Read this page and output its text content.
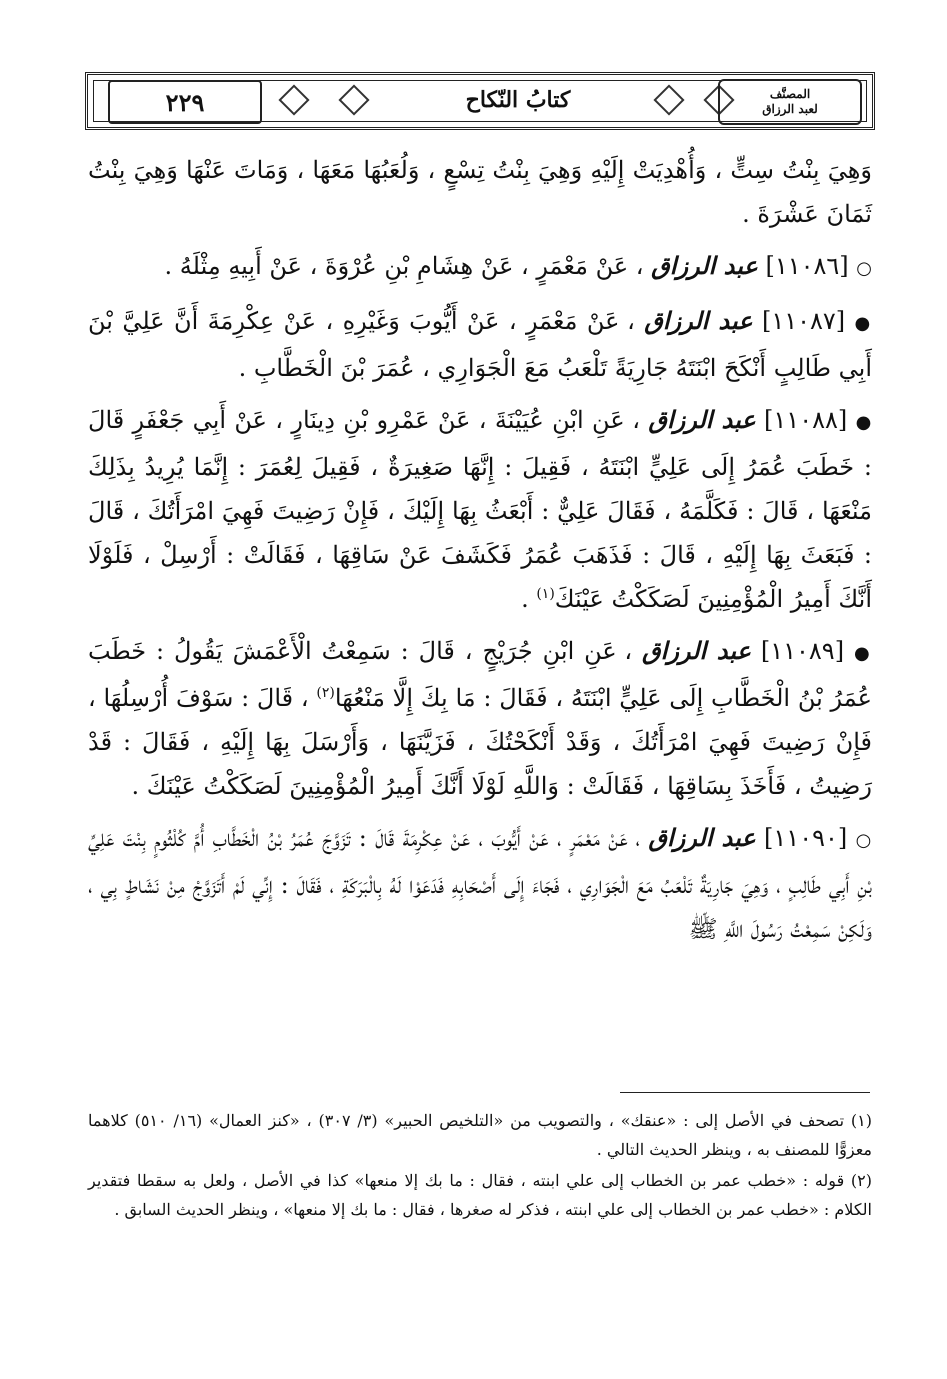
٢٢٩	كتابُ النّكاح	المصنَّف
لعبد الرزاق

وَهِيَ بِنْتُ سِتٍّ ، وَأُهْدِيَتْ إِلَيْهِ وَهِيَ بِنْتُ تِسْعٍ ، وَلُعَبُهَا مَعَهَا ، وَمَاتَ عَنْهَا وَهِيَ بِنْتُ ثَمَانَ عَشْرَةَ .

○ [١١٠٨٦] عبد الرزاق ، عَنْ مَعْمَرٍ ، عَنْ هِشَامِ بْنِ عُرْوَةَ ، عَنْ أَبِيهِ مِثْلَهُ .

● [١١٠٨٧] عبد الرزاق ، عَنْ مَعْمَرٍ ، عَنْ أَيُّوبَ وَغَيْرِهِ ، عَنْ عِكْرِمَةَ أَنَّ عَلِيَّ بْنَ أَبِي طَالِبٍ أَنْكَحَ ابْنَتَهُ جَارِيَةً تَلْعَبُ مَعَ الْجَوَارِي ، عُمَرَ بْنَ الْخَطَّابِ .

● [١١٠٨٨] عبد الرزاق ، عَنِ ابْنِ عُيَيْنَةَ ، عَنْ عَمْرِو بْنِ دِينَارٍ ، عَنْ أَبِي جَعْفَرٍ قَالَ : خَطَبَ عُمَرُ إِلَى عَلِيٍّ ابْنَتَهُ ، فَقِيلَ : إِنَّهَا صَغِيرَةٌ ، فَقِيلَ لِعُمَرَ : إِنَّمَا يُرِيدُ بِذَلِكَ مَنْعَهَا ، قَالَ : فَكَلَّمَهُ ، فَقَالَ عَلِيٌّ : أَبْعَثُ بِهَا إِلَيْكَ ، فَإِنْ رَضِيتَ فَهِيَ امْرَأَتُكَ ، قَالَ : فَبَعَثَ بِهَا إِلَيْهِ ، قَالَ : فَذَهَبَ عُمَرُ فَكَشَفَ عَنْ سَاقِهَا ، فَقَالَتْ : أَرْسِلْ ، فَلَوْلَا أَنَّكَ أَمِيرُ الْمُؤْمِنِينَ لَصَكَكْتُ عَيْنَكَ$^{(١)}$ .

● [١١٠٨٩] عبد الرزاق ، عَنِ ابْنِ جُرَيْجٍ ، قَالَ : سَمِعْتُ الْأَعْمَشَ يَقُولُ : خَطَبَ عُمَرُ بْنُ الْخَطَّابِ إِلَى عَلِيٍّ ابْنَتَهُ ، فَقَالَ : مَا بِكَ إِلَّا مَنْعُهَا$^{(٢)}$ ، قَالَ : سَوْفَ أُرْسِلُهَا ، فَإِنْ رَضِيتَ فَهِيَ امْرَأَتُكَ ، وَقَدْ أَنْكَحْتُكَ ، فَزَيَّنَهَا ، وَأَرْسَلَ بِهَا إِلَيْهِ ، فَقَالَ : قَدْ رَضِيتُ ، فَأَخَذَ بِسَاقِهَا ، فَقَالَتْ : وَاللَّهِ لَوْلَا أَنَّكَ أَمِيرُ الْمُؤْمِنِينَ لَصَكَكْتُ عَيْنَكَ .

○ [١١٠٩٠] عبد الرزاق ، عَنْ مَعْمَرٍ ، عَنْ أَيُّوبَ ، عَنْ عِكْرِمَةَ قَالَ : تَزَوَّجَ عُمَرُ بْنُ الْخَطَّابِ أُمَّ كُلْثُومٍ بِنْتَ عَلِيِّ بْنِ أَبِي طَالِبٍ ، وَهِيَ جَارِيَةٌ تَلْعَبُ مَعَ الْجَوَارِي ، فَجَاءَ إِلَى أَصْحَابِهِ فَدَعَوْا لَهُ بِالْبَرَكَةِ ، فَقَالَ : إِنِّي لَمْ أَتَزَوَّجْ مِنْ نَشَاطٍ بِي ، وَلَكِنْ سَمِعْتُ رَسُولَ اللَّهِ ﷺ

(١) تصحف في الأصل إلى : «عنقك» ، والتصويب من «التلخيص الحبير» (٣/ ٣٠٧) ، «كنز العمال» (١٦/ ٥١٠) كلاهما معزوًّا للمصنف به ، وينظر الحديث التالي .

(٢) قوله : «خطب عمر بن الخطاب إلى علي ابنته ، فقال : ما بك إلا منعها» كذا في الأصل ، ولعل به سقطا فتقدير الكلام : «خطب عمر بن الخطاب إلى علي ابنته ، فذكر له صغرها ، فقال : ما بك إلا منعها» ، وينظر الحديث السابق .
